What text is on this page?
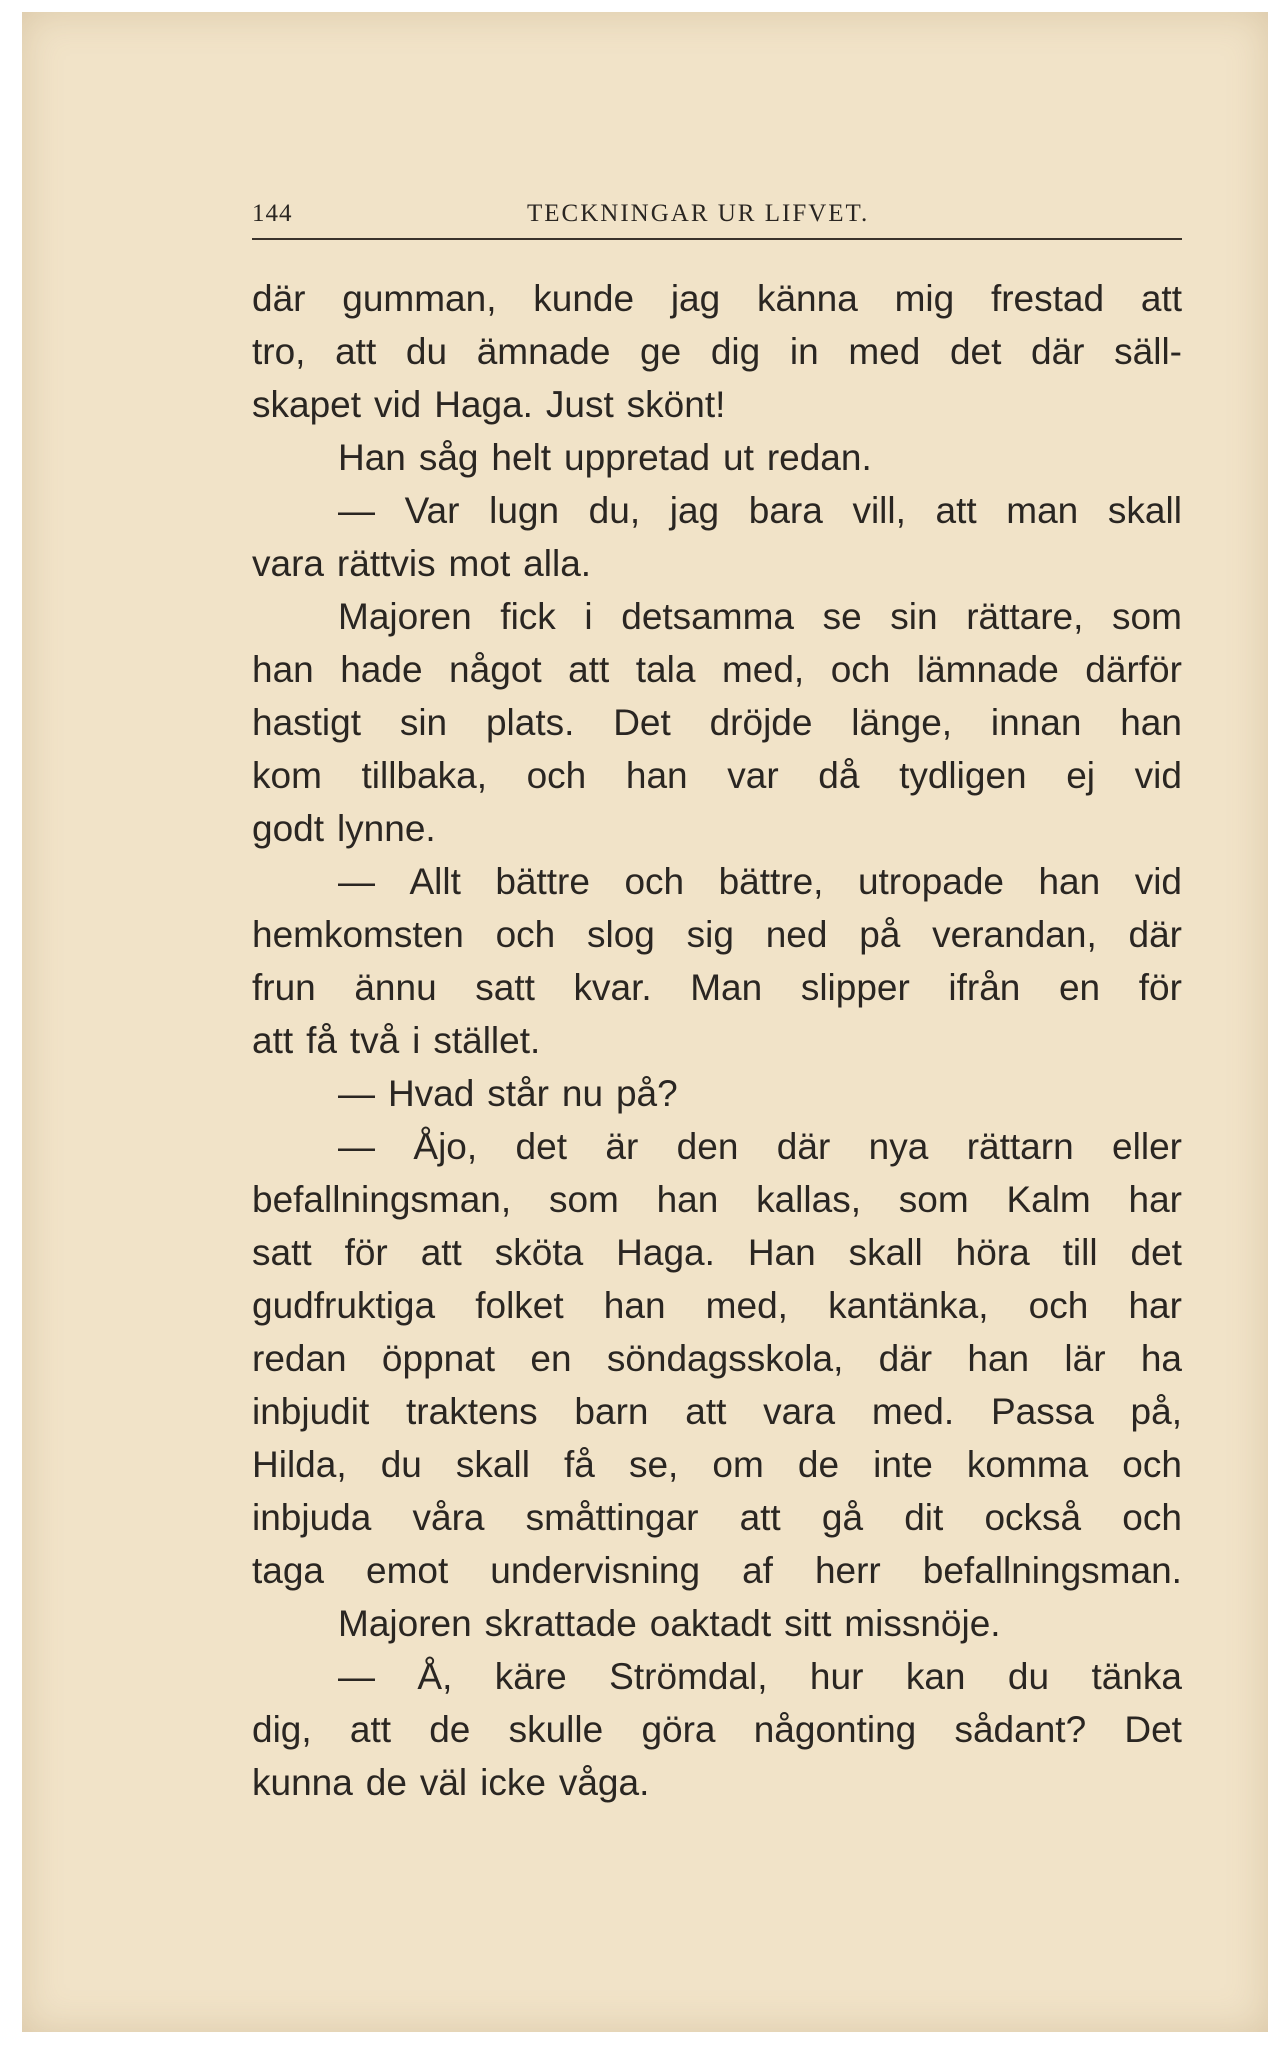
144	TECKNINGAR UR LIFVET.
där gumman, kunde jag känna mig frestad att
tro, att du ämnade ge dig in med det där säll-
skapet vid Haga. Just skönt!
Han såg helt uppretad ut redan.
— Var lugn du, jag bara vill, att man skall
vara rättvis mot alla.
Majoren fick i detsamma se sin rättare, som
han hade något att tala med, och lämnade därför
hastigt sin plats. Det dröjde länge, innan han
kom tillbaka, och han var då tydligen ej vid
godt lynne.
— Allt bättre och bättre, utropade han vid
hemkomsten och slog sig ned på verandan, där
frun ännu satt kvar. Man slipper ifrån en för
att få två i stället.
— Hvad står nu på?
— Åjo, det är den där nya rättarn eller
befallningsman, som han kallas, som Kalm har
satt för att sköta Haga. Han skall höra till det
gudfruktiga folket han med, kantänka, och har
redan öppnat en söndagsskola, där han lär ha
inbjudit traktens barn att vara med. Passa på,
Hilda, du skall få se, om de inte komma och
inbjuda våra småttingar att gå dit också och
taga emot undervisning af herr befallningsman.
Majoren skrattade oaktadt sitt missnöje.
— Å, käre Strömdal, hur kan du tänka
dig, att de skulle göra någonting sådant? Det
kunna de väl icke våga.
